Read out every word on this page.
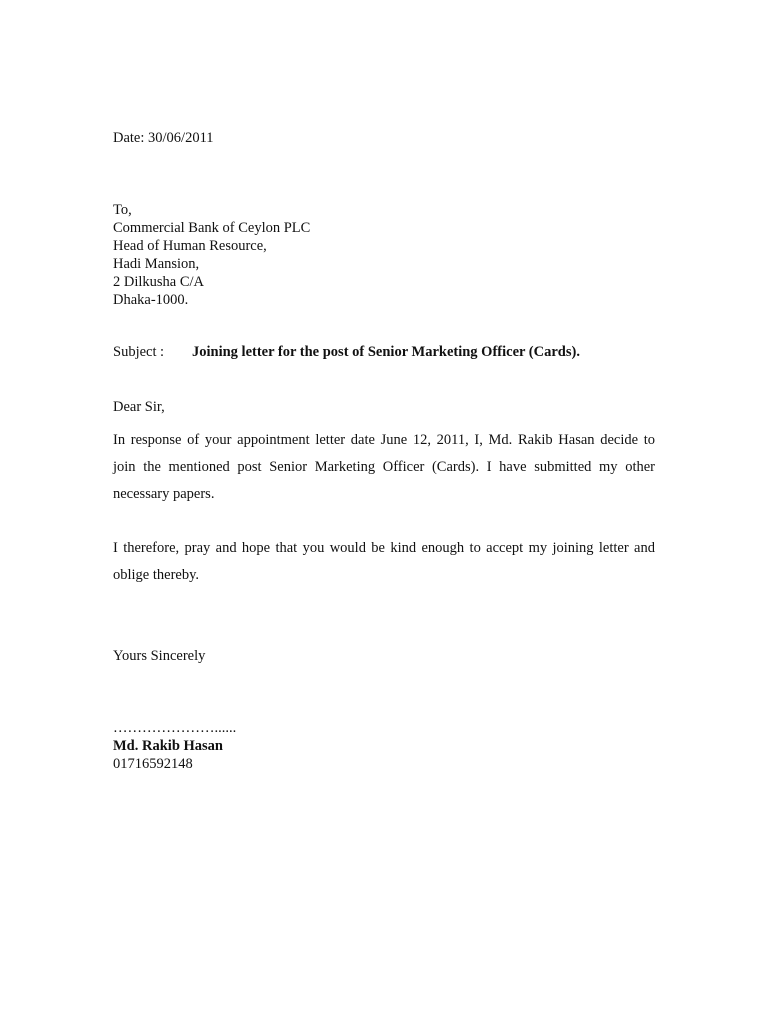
Date: 30/06/2011
To,
Commercial Bank of Ceylon PLC
Head of Human Resource,
Hadi Mansion,
2 Dilkusha C/A
Dhaka-1000.
Subject : Joining letter for the post of Senior Marketing Officer (Cards).
Dear Sir,
In response of your appointment letter date June 12, 2011, I, Md. Rakib Hasan decide to
join the mentioned post Senior Marketing Officer (Cards). I have submitted my other
necessary papers.
I therefore, pray and hope that you would be kind enough to accept my joining letter and
oblige thereby.
Yours Sincerely
…………………......
Md. Rakib Hasan
01716592148
